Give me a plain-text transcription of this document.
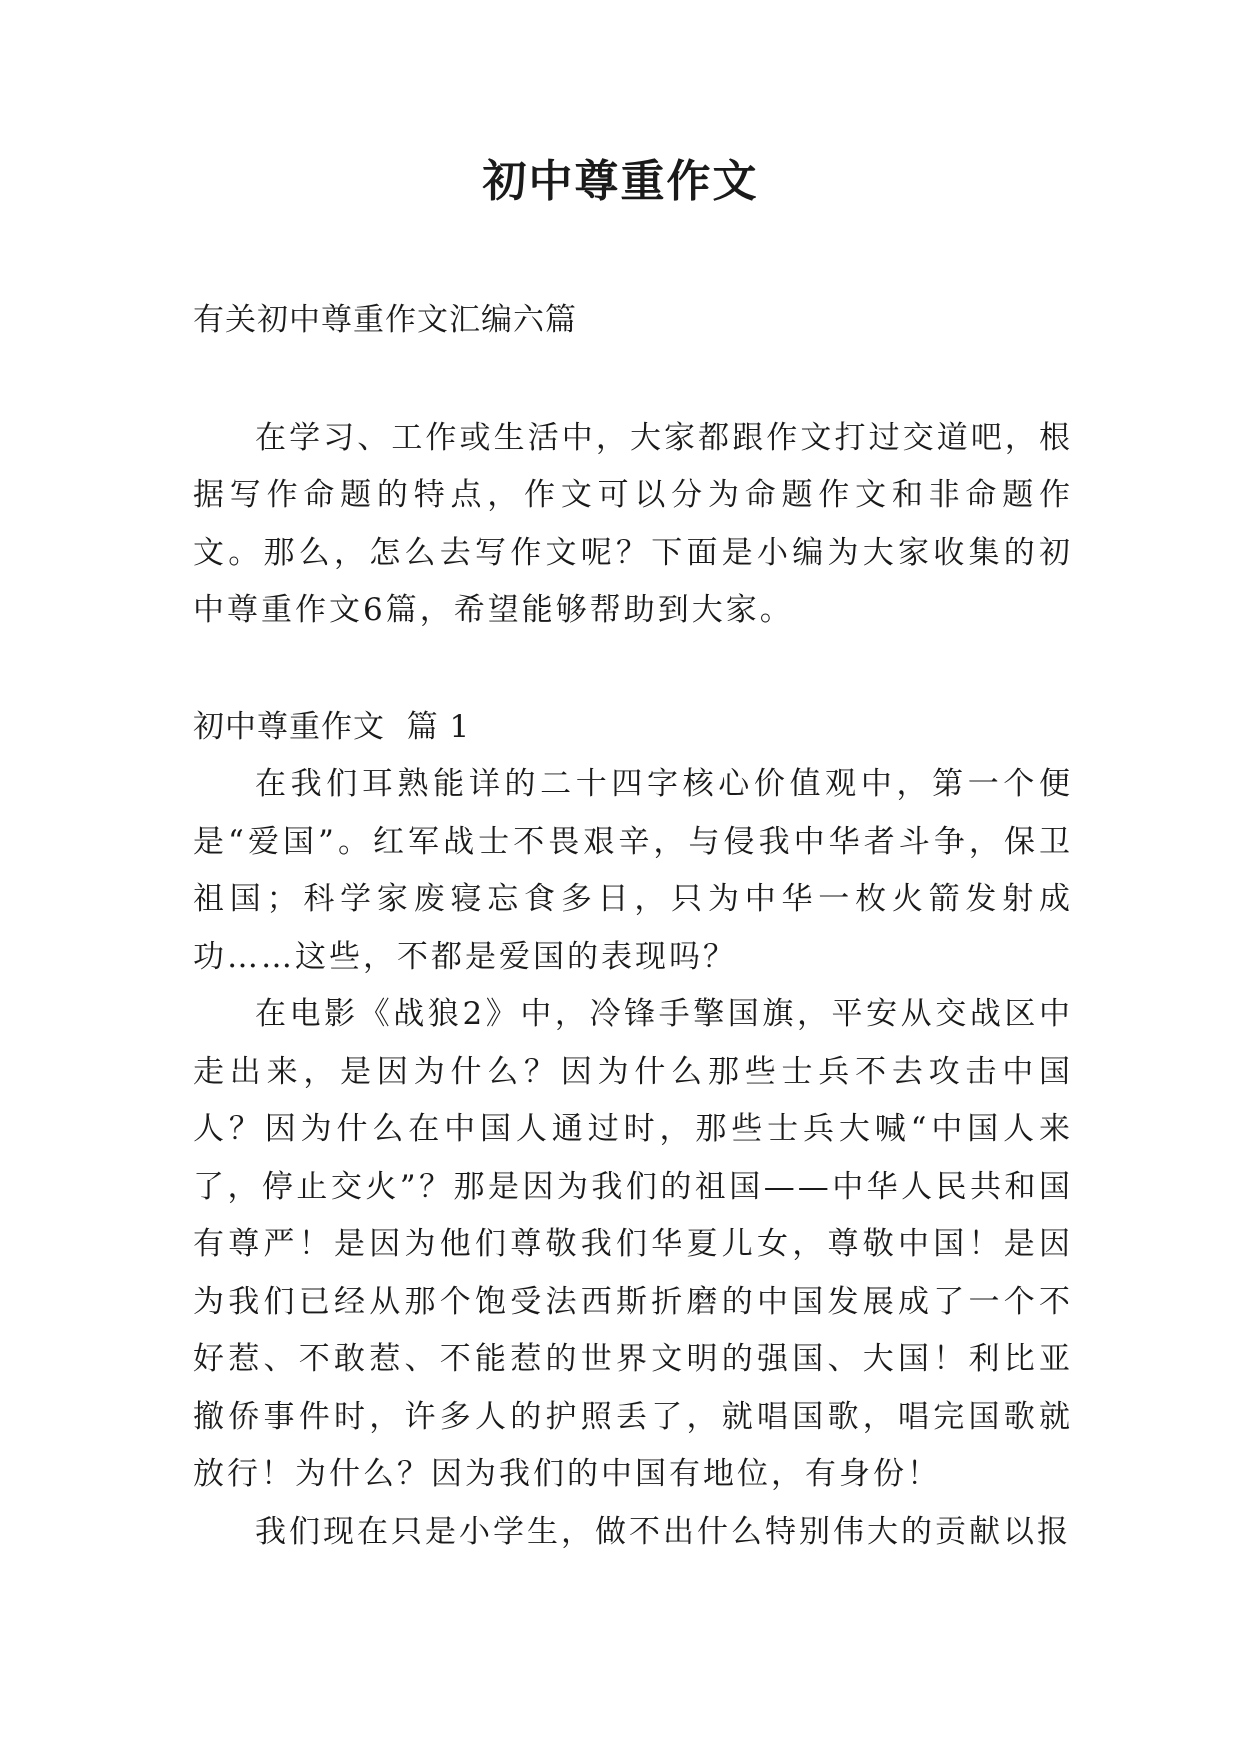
初中尊重作文

有关初中尊重作文汇编六篇

在学习、工作或生活中，大家都跟作文打过交道吧，根据写作命题的特点，作文可以分为命题作文和非命题作文。那么，怎么去写作文呢？下面是小编为大家收集的初中尊重作文6篇，希望能够帮助到大家。

初中尊重作文  篇 1

在我们耳熟能详的二十四字核心价值观中，第一个便是“爱国”。红军战士不畏艰辛，与侵我中华者斗争，保卫祖国；科学家废寝忘食多日，只为中华一枚火箭发射成功……这些，不都是爱国的表现吗？

在电影《战狼2》中，冷锋手擎国旗，平安从交战区中走出来，是因为什么？因为什么那些士兵不去攻击中国人？因为什么在中国人通过时，那些士兵大喊“中国人来了，停止交火”？那是因为我们的祖国——中华人民共和国有尊严！是因为他们尊敬我们华夏儿女，尊敬中国！是因为我们已经从那个饱受法西斯折磨的中国发展成了一个不好惹、不敢惹、不能惹的世界文明的强国、大国！利比亚撤侨事件时，许多人的护照丢了，就唱国歌，唱完国歌就放行！为什么？因为我们的中国有地位，有身份！

我们现在只是小学生，做不出什么特别伟大的贡献以报
